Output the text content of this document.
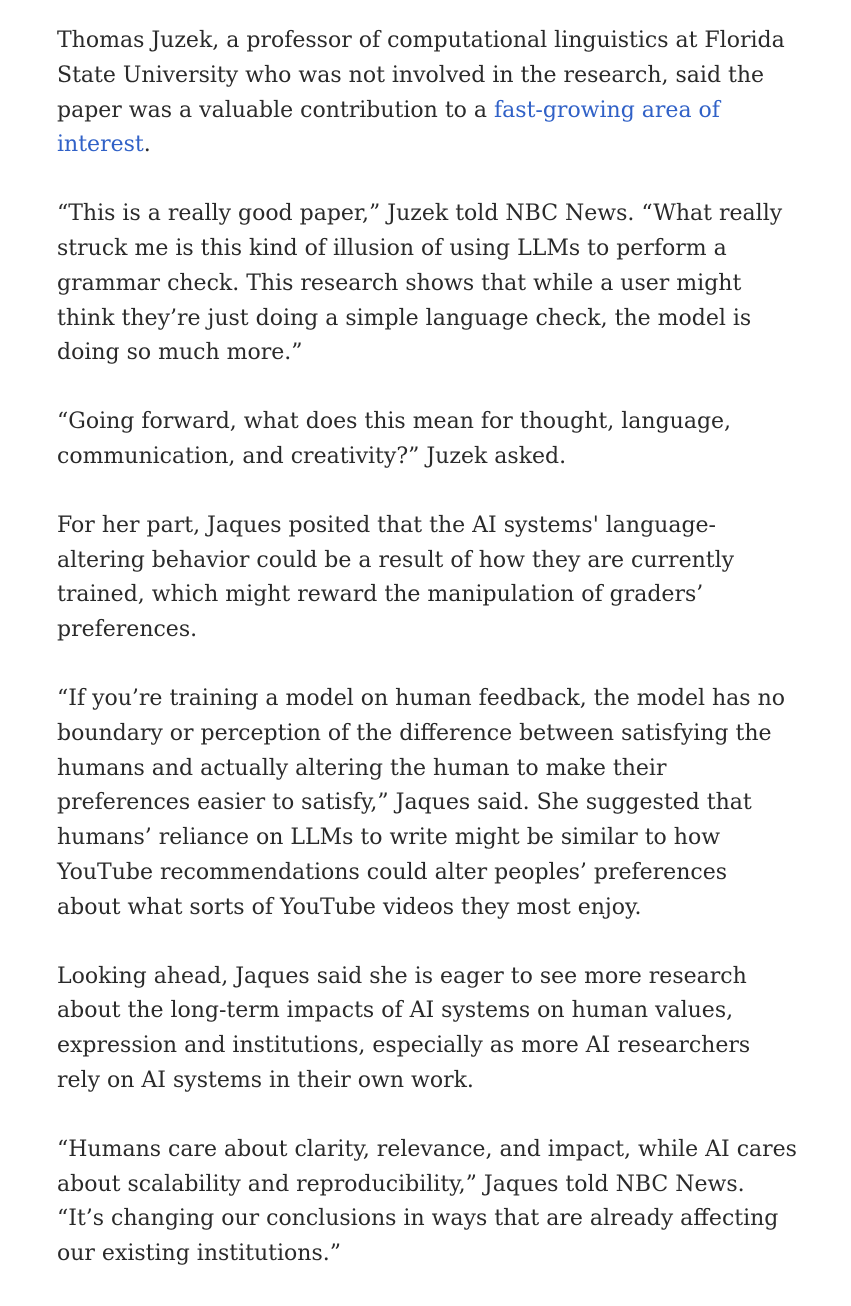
Thomas Juzek, a professor of computational linguistics at Florida State University who was not involved in the research, said the paper was a valuable contribution to a fast-growing area of interest.

“This is a really good paper,” Juzek told NBC News. “What really struck me is this kind of illusion of using LLMs to perform a grammar check. This research shows that while a user might think they’re just doing a simple language check, the model is doing so much more.”

“Going forward, what does this mean for thought, language, communication, and creativity?” Juzek asked.

For her part, Jaques posited that the AI systems' language-altering behavior could be a result of how they are currently trained, which might reward the manipulation of graders’ preferences.

“If you’re training a model on human feedback, the model has no boundary or perception of the difference between satisfying the humans and actually altering the human to make their preferences easier to satisfy,” Jaques said. She suggested that humans’ reliance on LLMs to write might be similar to how YouTube recommendations could alter peoples’ preferences about what sorts of YouTube videos they most enjoy.

Looking ahead, Jaques said she is eager to see more research about the long-term impacts of AI systems on human values, expression and institutions, especially as more AI researchers rely on AI systems in their own work.

“Humans care about clarity, relevance, and impact, while AI cares about scalability and reproducibility,” Jaques told NBC News. “It’s changing our conclusions in ways that are already affecting our existing institutions.”
